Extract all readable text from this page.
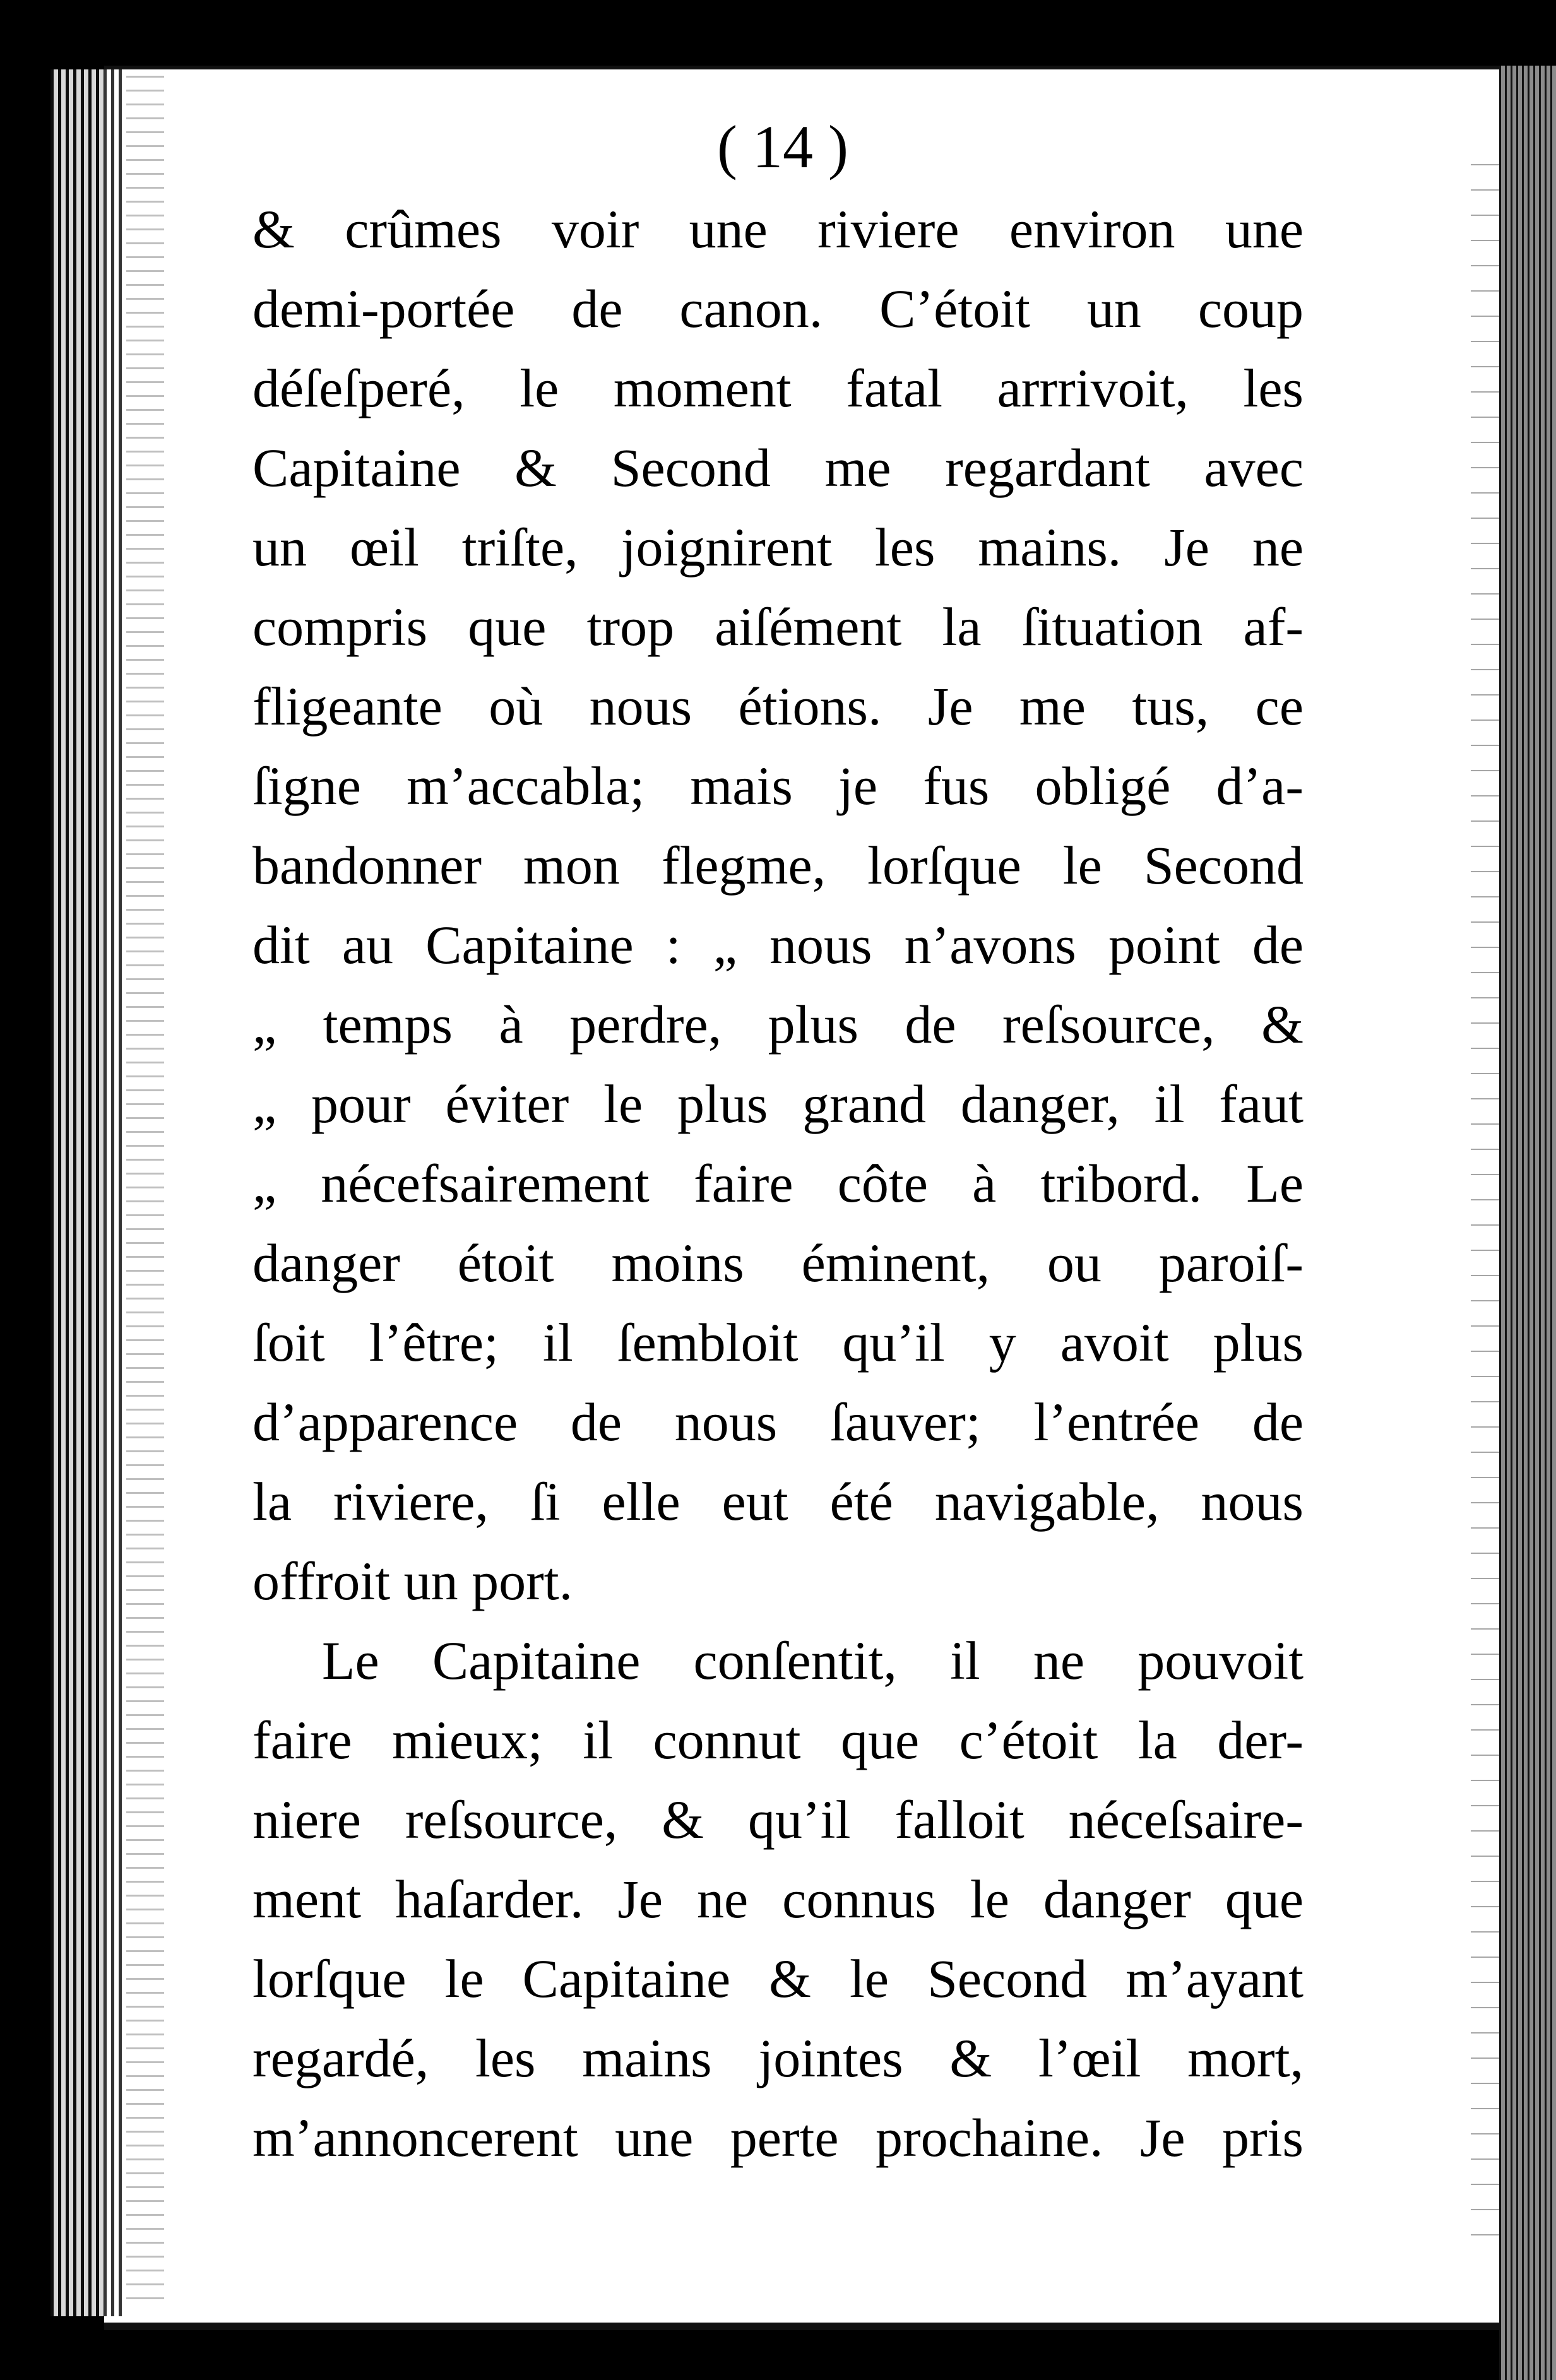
( 14 )
& crûmes voir une riviere environ une
demi-portée de canon. C’étoit un coup
déſeſperé, le moment fatal arrrivoit, les
Capitaine & Second me regardant avec
un œil triſte, joignirent les mains. Je ne
compris que trop aiſément la ſituation af-
fligeante où nous étions. Je me tus, ce
ſigne m’accabla; mais je fus obligé d’a-
bandonner mon flegme, lorſque le Second
dit au Capitaine : „ nous n’avons point de
„ temps à perdre, plus de reſsource, &
„ pour éviter le plus grand danger, il faut
„ nécefsairement faire côte à tribord. Le
danger étoit moins éminent, ou paroiſ-
ſoit l’être; il ſembloit qu’il y avoit plus
d’apparence de nous ſauver; l’entrée de
la riviere, ſi elle eut été navigable, nous
offroit un port.
Le Capitaine conſentit, il ne pouvoit
faire mieux; il connut que c’étoit la der-
niere reſsource, & qu’il falloit néceſsaire-
ment haſarder. Je ne connus le danger que
lorſque le Capitaine & le Second m’ayant
regardé, les mains jointes & l’œil mort,
m’annoncerent une perte prochaine. Je pris
